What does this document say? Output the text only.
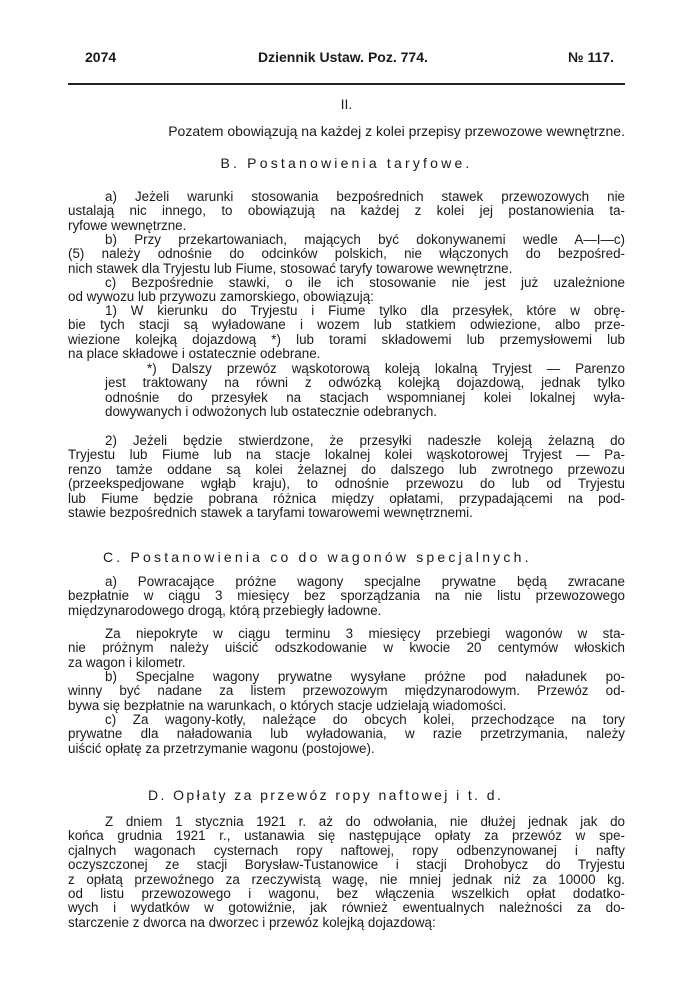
2074	Dziennik Ustaw. Poz. 774.	№ 117.
II.
Pozatem obowiązują na każdej z kolei przepisy przewozowe wewnętrzne.
B. Postanowienia taryfowe.
C. Postanowienia co do wagonów specjalnych.
D. Opłaty za przewóz ropy naftowej i t. d.
a) Jeżeli warunki stosowania bezpośrednich stawek przewozowych nie
ustalają nic innego, to obowiązują na każdej z kolei jej postanowienia ta-
ryfowe wewnętrzne.
b) Przy przekartowaniach, mających być dokonywanemi wedle A—I—c)
(5) należy odnośnie do odcinków polskich, nie włączonych do bezpośred-
nich stawek dla Tryjestu lub Fiume, stosować taryfy towarowe wewnętrzne.
c) Bezpośrednie stawki, o ile ich stosowanie nie jest już uzależnione
od wywozu lub przywozu zamorskiego, obowiązują:
1) W kierunku do Tryjestu i Fiume tylko dla przesyłek, które w obrę-
bie tych stacji są wyładowane i wozem lub statkiem odwiezione, albo prze-
wiezione kolejką dojazdową *) lub torami składowemi lub przemysłowemi lub
na place składowe i ostatecznie odebrane.
*) Dalszy przewóz wąskotorową koleją lokalną Tryjest — Parenzo
jest traktowany na równi z odwózką kolejką dojazdową, jednak tylko
odnośnie do przesyłek na stacjach wspomnianej kolei lokalnej wyła-
dowywanych i odwożonych lub ostatecznie odebranych.
2) Jeżeli będzie stwierdzone, że przesyłki nadeszłe koleją żelazną do
Tryjestu lub Fiume lub na stacje lokalnej kolei wąskotorowej Tryjest — Pa-
renzo tamże oddane są kolei żelaznej do dalszego lub zwrotnego przewozu
(przeekspedjowane wgłąb kraju), to odnośnie przewozu do lub od Tryjestu
lub Fiume będzie pobrana różnica między opłatami, przypadającemi na pod-
stawie bezpośrednich stawek a taryfami towarowemi wewnętrznemi.
a) Powracające próżne wagony specjalne prywatne będą zwracane
bezpłatnie w ciągu 3 miesięcy bez sporządzania na nie listu przewozowego
międzynarodowego drogą, którą przebiegły ładowne.
Za niepokryte w ciągu terminu 3 miesięcy przebiegi wagonów w sta-
nie próżnym należy uiścić odszkodowanie w kwocie 20 centymów włoskich
za wagon i kilometr.
b) Specjalne wagony prywatne wysyłane próżne pod naładunek po-
winny być nadane za listem przewozowym międzynarodowym. Przewóz od-
bywa się bezpłatnie na warunkach, o których stacje udzielają wiadomości.
c) Za wagony-kotły, należące do obcych kolei, przechodzące na tory
prywatne dla naładowania lub wyładowania, w razie przetrzymania, należy
uiścić opłatę za przetrzymanie wagonu (postojowe).
Z dniem 1 stycznia 1921 r. aż do odwołania, nie dłużej jednak jak do
końca grudnia 1921 r., ustanawia się następujące opłaty za przewóz w spe-
cjalnych wagonach cysternach ropy naftowej, ropy odbenzynowanej i nafty
oczyszczonej ze stacji Borysław-Tustanowice i stacji Drohobycz do Tryjestu
z opłatą przewoźnego za rzeczywistą wagę, nie mniej jednak niż za 10000 kg.
od listu przewozowego i wagonu, bez włączenia wszelkich opłat dodatko-
wych i wydatków w gotowiźnie, jak również ewentualnych należności za do-
starczenie z dworca na dworzec i przewóz kolejką dojazdową:
